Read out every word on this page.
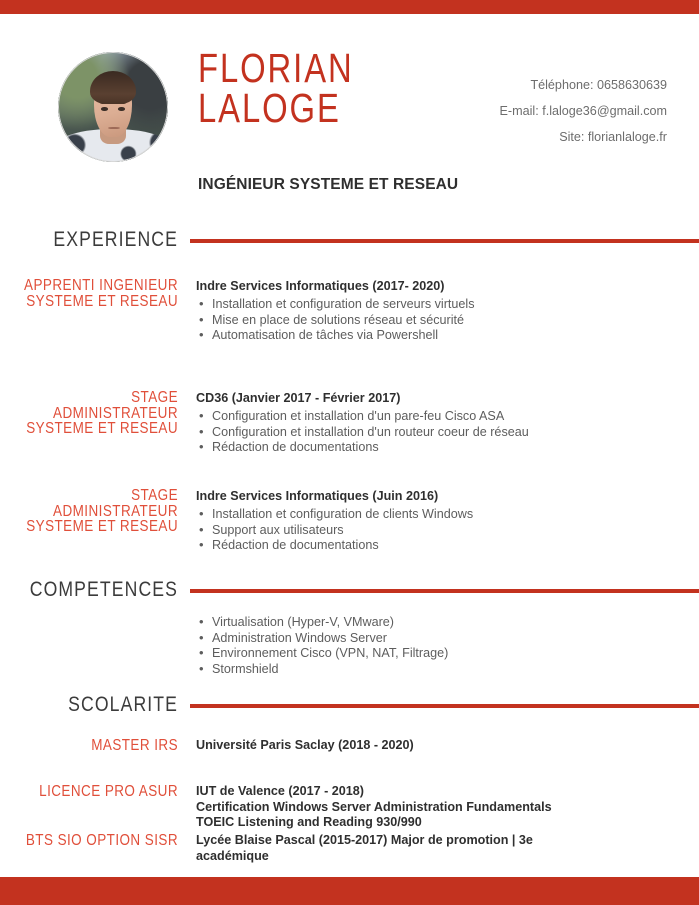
FLORIAN
LALOGE	Téléphone: 0658630639
E-mail: f.laloge36@gmail.com
Site: florianlaloge.fr
INGÉNIEUR SYSTEME ET RESEAU
EXPERIENCE
APPRENTI INGENIEUR
SYSTEME ET RESEAU
Indre Services Informatiques (2017- 2020)
• Installation et configuration de serveurs virtuels
• Mise en place de solutions réseau et sécurité
• Automatisation de tâches via Powershell
STAGE
ADMINISTRATEUR
SYSTEME ET RESEAU
CD36 (Janvier 2017 - Février 2017)
• Configuration et installation d'un pare-feu Cisco ASA
• Configuration et installation d'un routeur coeur de réseau
• Rédaction de documentations
STAGE
ADMINISTRATEUR
SYSTEME ET RESEAU
Indre Services Informatiques (Juin 2016)
• Installation et configuration de clients Windows
• Support aux utilisateurs
• Rédaction de documentations
COMPETENCES
• Virtualisation (Hyper-V, VMware)
• Administration Windows Server
• Environnement Cisco (VPN, NAT, Filtrage)
• Stormshield
SCOLARITE
MASTER IRS Université Paris Saclay (2018 - 2020)
LICENCE PRO ASUR IUT de Valence (2017 - 2018)
Certification Windows Server Administration Fundamentals
TOEIC Listening and Reading 930/990
BTS SIO OPTION SISR Lycée Blaise Pascal (2015-2017) Major de promotion | 3e académique
